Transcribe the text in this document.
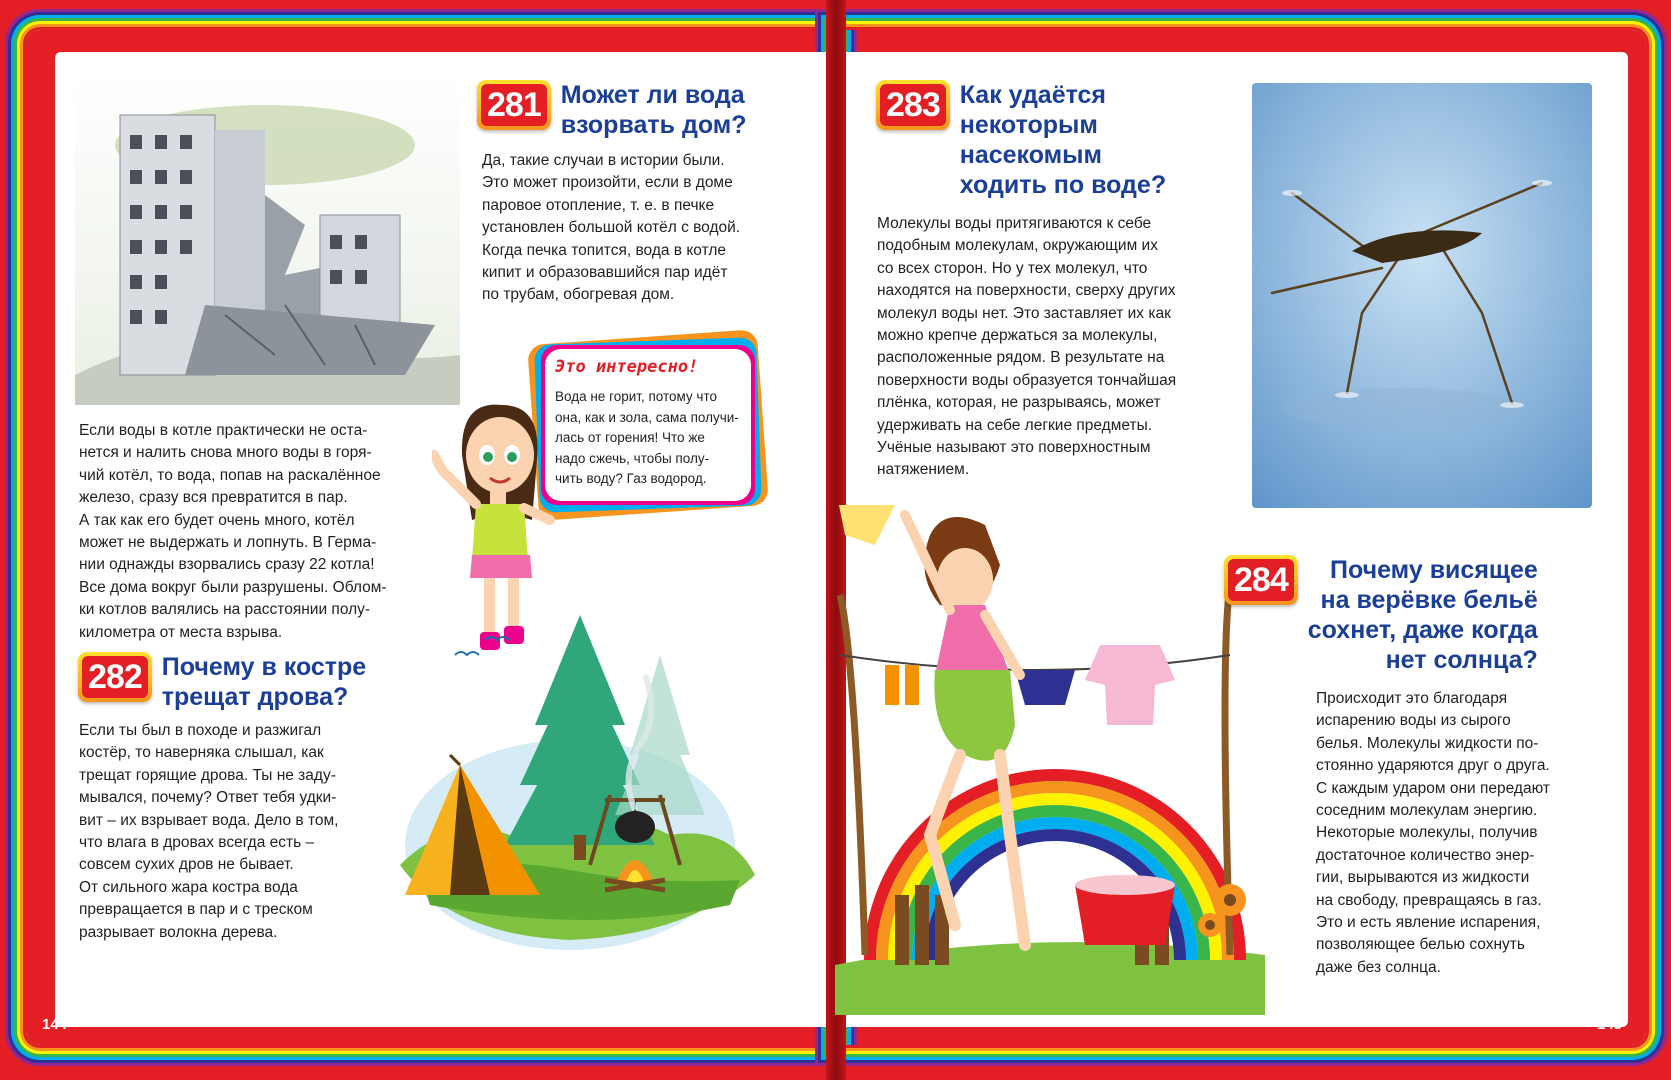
144	145
281 Может ли вода
взорвать дом?
Да, такие случаи в истории были.
Это может произойти, если в доме
паровое отопление, т. е. в печке
установлен большой котёл с водой.
Когда печка топится, вода в котле
кипит и образовавшийся пар идёт
по трубам, обогревая дом.
Если воды в котле практически не оста-
нется и налить снова много воды в горя-
чий котёл, то вода, попав на раскалённое
железо, сразу вся превратится в пар.
А так как его будет очень много, котёл
может не выдержать и лопнуть. В Герма-
нии однажды взорвались сразу 22 котла!
Все дома вокруг были разрушены. Облом-
ки котлов валялись на расстоянии полу-
километра от места взрыва.
Это интересно!
Вода не горит, потому что
она, как и зола, сама получи-
лась от горения! Что же
надо сжечь, чтобы полу-
чить воду? Газ водород.
282 Почему в костре
трещат дрова?
Если ты был в походе и разжигал
костёр, то наверняка слышал, как
трещат горящие дрова. Ты не заду-
мывался, почему? Ответ тебя удки-
вит – их взрывает вода. Дело в том,
что влага в дровах всегда есть –
совсем сухих дров не бывает.
От сильного жара костра вода
превращается в пар и с треском
разрывает волокна дерева.
283 Как удаётся
некоторым
насекомым
ходить по воде?
Молекулы воды притягиваются к себе
подобным молекулам, окружающим их
со всех сторон. Но у тех молекул, что
находятся на поверхности, сверху других
молекул воды нет. Это заставляет их как
можно крепче держаться за молекулы,
расположенные рядом. В результате на
поверхности воды образуется тончайшая
плёнка, которая, не разрываясь, может
удерживать на себе легкие предметы.
Учёные называют это поверхностным
натяжением.
284	Почему висящее
на верёвке бельё
сохнет, даже когда
нет солнца?
Происходит это благодаря
испарению воды из сырого
белья. Молекулы жидкости по-
стоянно ударяются друг о друга.
С каждым ударом они передают
соседним молекулам энергию.
Некоторые молекулы, получив
достаточное количество энер-
гии, вырываются из жидкости
на свободу, превращаясь в газ.
Это и есть явление испарения,
позволяющее белью сохнуть
даже без солнца.
